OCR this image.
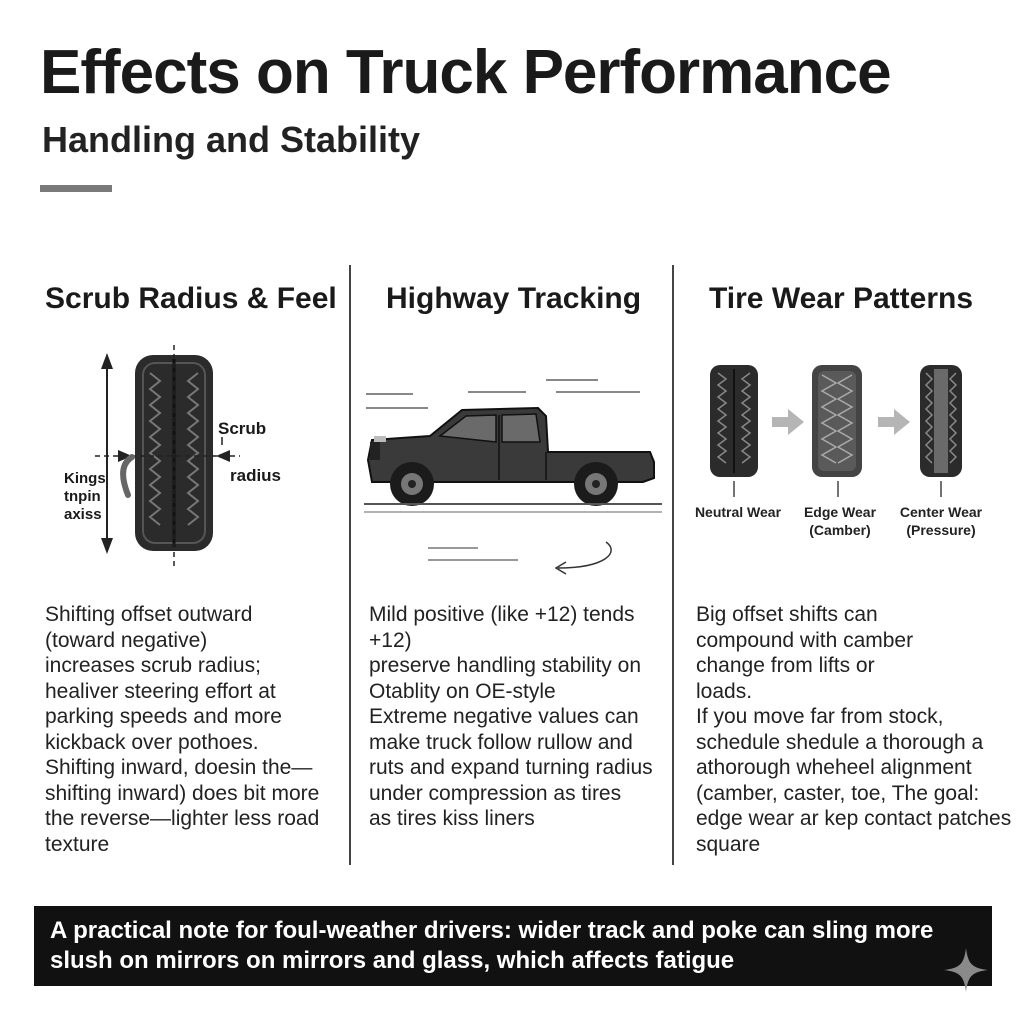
Effects on Truck Performance
Handling and Stability
Scrub Radius & Feel
Scrub
radius
Kings
tnpin
axiss
Shifting offset outward
(toward negative)
increases scrub radius;
healiver steering effort at
parking speeds and more
kickback over pothoes.
Shifting inward, doesin the—
shifting inward) does bit more
the reverse—lighter less road
texture
Highway Tracking
Mild positive (like +12) tends
+12)
preserve handling stability on
Otablity on OE-style
Extreme negative values can
make truck follow rullow and
ruts and expand turning radius
under compression as tires
as tires kiss liners
Tire Wear Patterns
Neutral Wear Edge Wear
(Camber)
Center Wear
(Pressure)
Big offset shifts can
compound with camber
change from lifts or
loads.
If you move far from stock,
schedule shedule a thorough a
athorough wheheel alignment
(camber, caster, toe, The goal:
edge wear ar kep contact patches
square
A practical note for foul-weather drivers: wider track and poke can sling more
slush on mirrors on mirrors and glass, which affects fatigue
